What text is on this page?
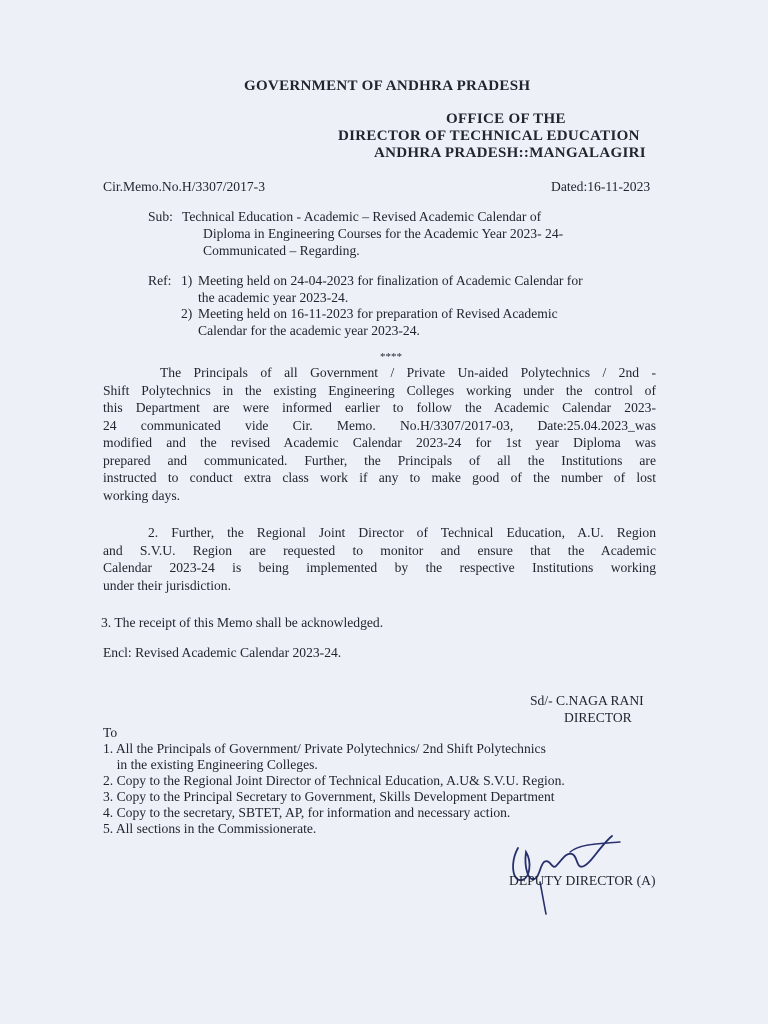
GOVERNMENT OF ANDHRA PRADESH
OFFICE OF THE
DIRECTOR OF TECHNICAL EDUCATION
ANDHRA PRADESH::MANGALAGIRI
Cir.Memo.No.H/3307/2017-3	Dated:16-11-2023
Sub: Technical Education - Academic – Revised Academic Calendar of
Diploma in Engineering Courses for the Academic Year 2023- 24-
Communicated – Regarding.
Ref: 1) Meeting held on 24-04-2023 for finalization of Academic Calendar for
the academic year 2023-24.
2) Meeting held on 16-11-2023 for preparation of Revised Academic
Calendar for the academic year 2023-24.
****
The Principals of all Government / Private Un-aided Polytechnics / 2nd -
Shift Polytechnics in the existing Engineering Colleges working under the control of
this Department are were informed earlier to follow the Academic Calendar 2023-
24 communicated vide Cir. Memo. No.H/3307/2017-03, Date:25.04.2023_was
modified and the revised Academic Calendar 2023-24 for 1st year Diploma was
prepared and communicated. Further, the Principals of all the Institutions are
instructed to conduct extra class work if any to make good of the number of lost
working days.
2. Further, the Regional Joint Director of Technical Education, A.U. Region
and S.V.U. Region are requested to monitor and ensure that the Academic
Calendar 2023-24 is being implemented by the respective Institutions working
under their jurisdiction.
3. The receipt of this Memo shall be acknowledged.
Encl: Revised Academic Calendar 2023-24.
Sd/- C.NAGA RANI
DIRECTOR
To
1. All the Principals of Government/ Private Polytechnics/ 2nd Shift Polytechnics
in the existing Engineering Colleges.
2. Copy to the Regional Joint Director of Technical Education, A.U& S.V.U. Region.
3. Copy to the Principal Secretary to Government, Skills Development Department
4. Copy to the secretary, SBTET, AP, for information and necessary action.
5. All sections in the Commissionerate.
DEPUTY DIRECTOR (A)
